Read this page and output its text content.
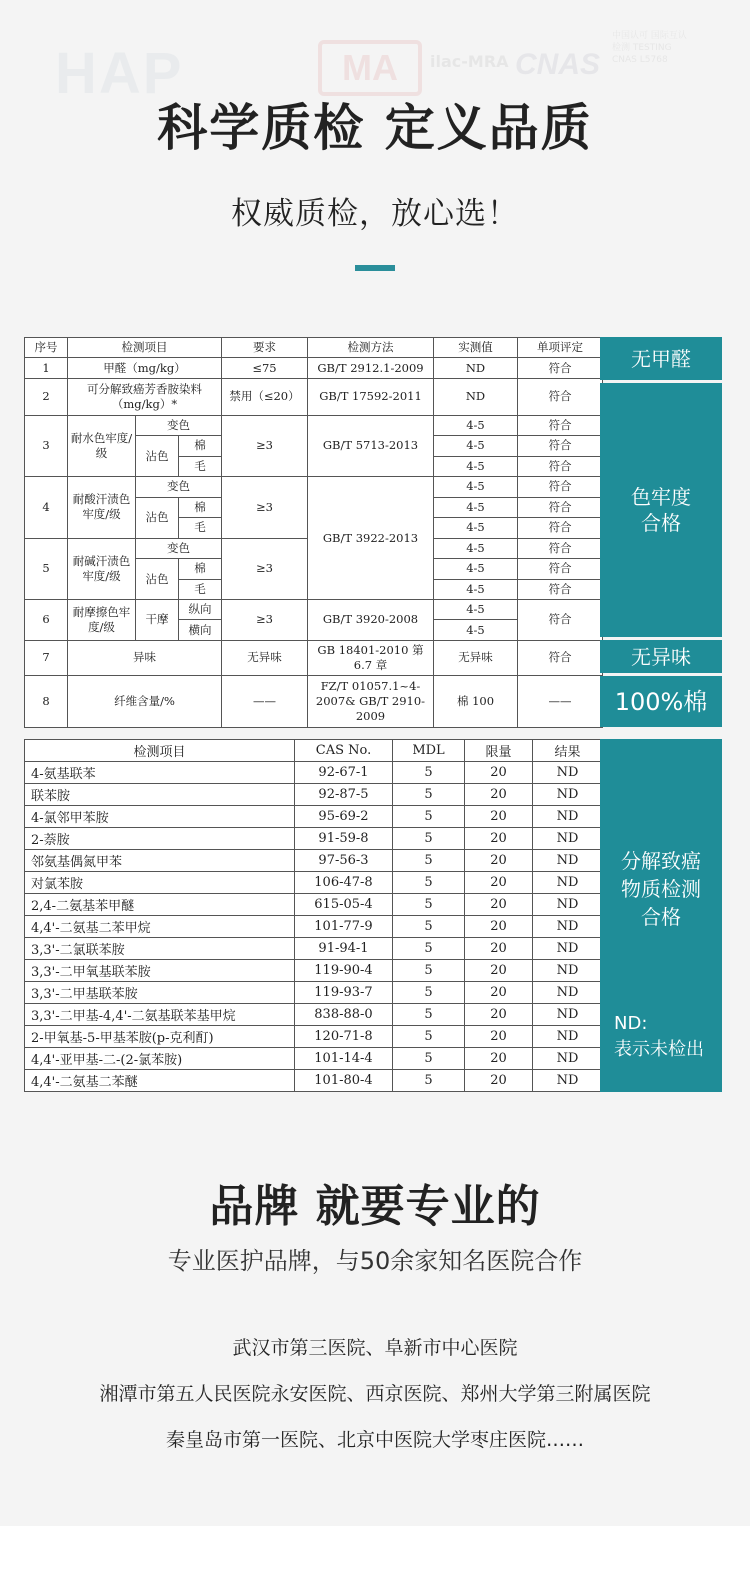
HAP	MA	ilac-MRA CNAS
中国认可 国际互认 检测 TESTING CNAS L5768
科学质检 定义品质
权威质检，放心选！
序号	检测项目			要求	检测方法	实测值	单项评定
1	甲醛（mg/kg）			≤75	GB/T 2912.1-2009	ND	符合
2	可分解致癌芳香胺染料（mg/kg）*			禁用（≤20）	GB/T 17592-2011	ND	符合
3	耐水色牢度/级	变色		≥3	GB/T 5713-2013	4-5	符合
		沾色	棉			4-5	符合
			毛			4-5	符合
4	耐酸汗渍色牢度/级	变色		≥3	GB/T 3922-2013	4-5	符合
		沾色	棉			4-5	符合
			毛			4-5	符合
5	耐碱汗渍色牢度/级	变色		≥3		4-5	符合
		沾色	棉			4-5	符合
			毛			4-5	符合
6	耐摩擦色牢度/级	干摩	纵向	≥3	GB/T 3920-2008	4-5	符合
			横向			4-5	
7	异味			无异味	GB 18401-2010 第 6.7 章	无异味	符合
8	纤维含量/%			——	FZ/T 01057.1~4-2007& GB/T 2910-2009	棉 100	——
无甲醛
色牢度
合格
无异味
100%棉
检测项目	CAS No.	MDL	限量	结果
4-氨基联苯	92-67-1	5	20	ND
联苯胺	92-87-5	5	20	ND
4-氯邻甲苯胺	95-69-2	5	20	ND
2-萘胺	91-59-8	5	20	ND
邻氨基偶氮甲苯	97-56-3	5	20	ND
对氯苯胺	106-47-8	5	20	ND
2,4-二氨基苯甲醚	615-05-4	5	20	ND
4,4'-二氨基二苯甲烷	101-77-9	5	20	ND
3,3'-二氯联苯胺	91-94-1	5	20	ND
3,3'-二甲氧基联苯胺	119-90-4	5	20	ND
3,3'-二甲基联苯胺	119-93-7	5	20	ND
3,3'-二甲基-4,4'-二氨基联苯基甲烷	838-88-0	5	20	ND
2-甲氧基-5-甲基苯胺(p-克利酊)	120-71-8	5	20	ND
4,4'-亚甲基-二-(2-氯苯胺)	101-14-4	5	20	ND
4,4'-二氨基二苯醚	101-80-4	5	20	ND
分解致癌
物质检测
合格
ND:
表示未检出
品牌 就要专业的
专业医护品牌，与50余家知名医院合作
武汉市第三医院、阜新市中心医院
湘潭市第五人民医院永安医院、西京医院、郑州大学第三附属医院
秦皇岛市第一医院、北京中医院大学枣庄医院……
